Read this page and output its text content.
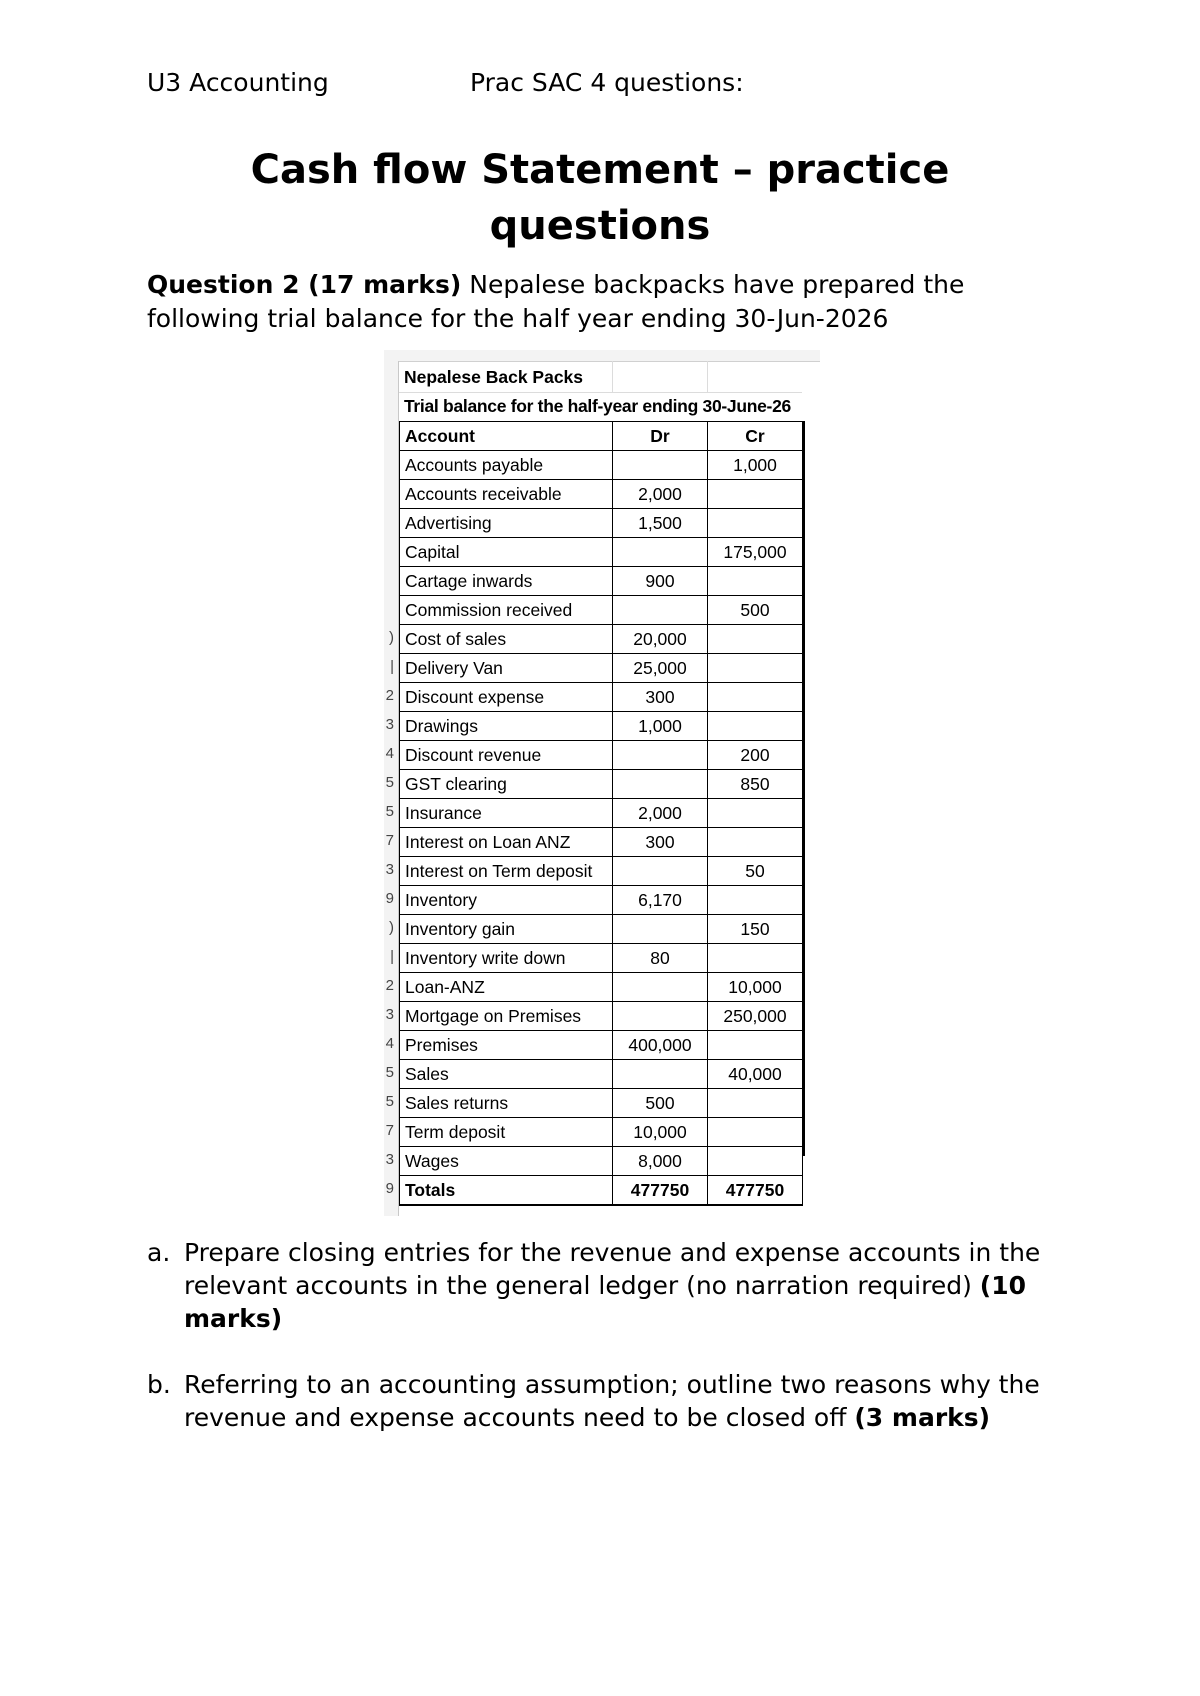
U3 Accounting	Prac SAC 4 questions:
Cash flow Statement – practice questions
Question 2 (17 marks) Nepalese backpacks have prepared the following trial balance for the half year ending 30-Jun-2026
)
|
2
3
4
5
5
7
3
9
)
|
2
3
4
5
5
7
3
9
Nepalese Back Packs
Trial balance for the half-year ending 30-June-26
Account	Dr	Cr
Accounts payable		1,000
Accounts receivable	2,000	
Advertising	1,500	
Capital		175,000
Cartage inwards	900	
Commission received		500
Cost of sales	20,000	
Delivery Van	25,000	
Discount expense	300	
Drawings	1,000	
Discount revenue		200
GST clearing		850
Insurance	2,000	
Interest on Loan ANZ	300	
Interest on Term deposit		50
Inventory	6,170	
Inventory gain		150
Inventory write down	80	
Loan-ANZ		10,000
Mortgage on Premises		250,000
Premises	400,000	
Sales		40,000
Sales returns	500	
Term deposit	10,000	
Wages	8,000	
Totals	477750	477750
a. Prepare closing entries for the revenue and expense accounts in the relevant accounts in the general ledger (no narration required) (10 marks)
b. Referring to an accounting assumption; outline two reasons why the revenue and expense accounts need to be closed off (3 marks)
